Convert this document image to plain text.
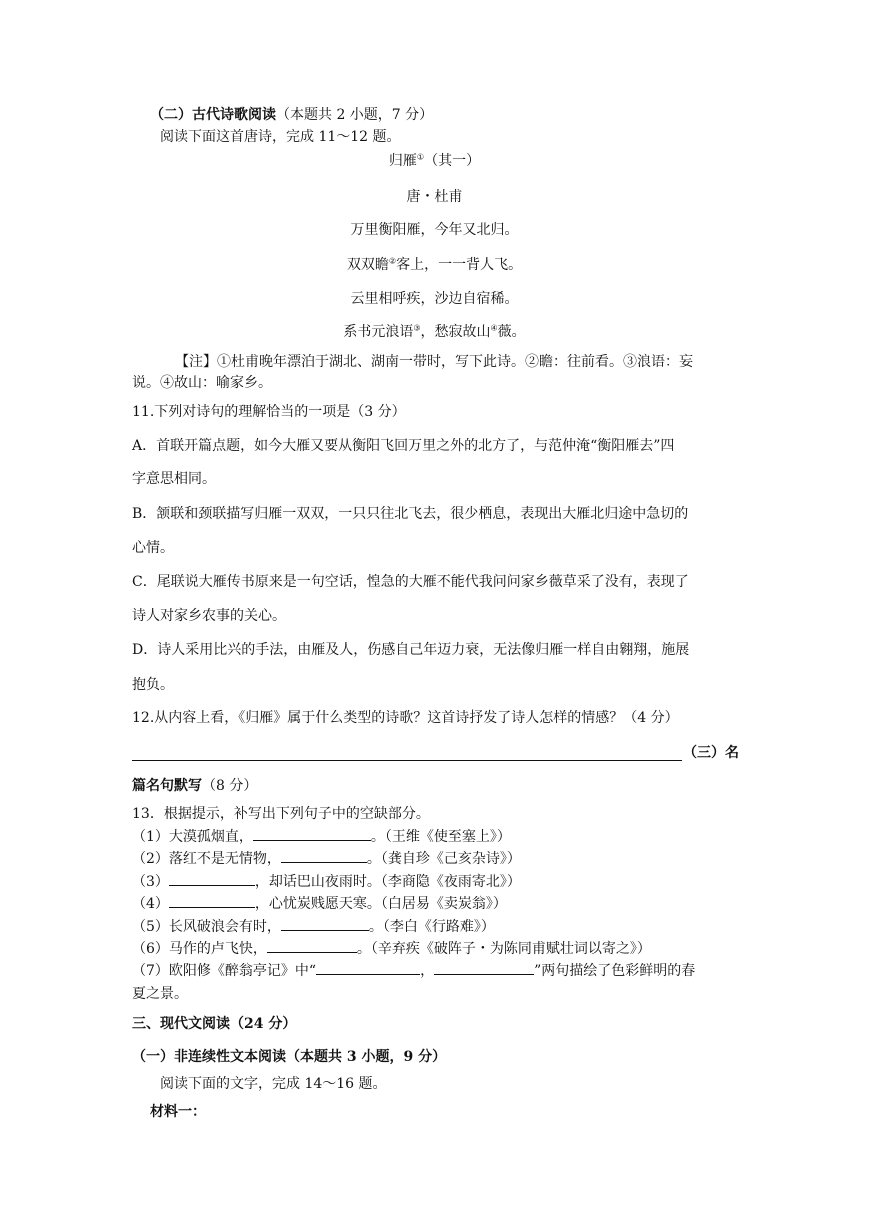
（二）古代诗歌阅读（本题共 2 小题，7 分）
阅读下面这首唐诗，完成 11～12 题。
归雁①（其一）
唐・杜甫
万里衡阳雁，今年又北归。
双双瞻②客上，一一背人飞。
云里相呼疾，沙边自宿稀。
系书元浪语③，愁寂故山④薇。
【注】①杜甫晚年漂泊于湖北、湖南一带时，写下此诗。②瞻：往前看。③浪语：妄
说。④故山：喻家乡。
11.下列对诗句的理解恰当的一项是（3 分）
A．首联开篇点题，如今大雁又要从衡阳飞回万里之外的北方了，与范仲淹“衡阳雁去”四
字意思相同。
B．颔联和颈联描写归雁一双双，一只只往北飞去，很少栖息，表现出大雁北归途中急切的
心情。
C．尾联说大雁传书原来是一句空话，惶急的大雁不能代我问问家乡薇草采了没有，表现了
诗人对家乡农事的关心。
D．诗人采用比兴的手法，由雁及人，伤感自己年迈力衰，无法像归雁一样自由翱翔，施展
抱负。
12.从内容上看，《归雁》属于什么类型的诗歌？这首诗抒发了诗人怎样的情感？（4 分）
（三）名
篇名句默写（8 分）
13．根据提示，补写出下列句子中的空缺部分。
（1）大漠孤烟直，	。（王维《使至塞上》）
（2）落红不是无情物，	。（龚自珍《己亥杂诗》）
（3）	，却话巴山夜雨时。（李商隐《夜雨寄北》）
（4）	，心忧炭贱愿天寒。（白居易《卖炭翁》）
（5）长风破浪会有时，	。（李白《行路难》）
（6）马作的卢飞快，	。（辛弃疾《破阵子・为陈同甫赋壮词以寄之》）
（7）欧阳修《醉翁亭记》中“	，	”两句描绘了色彩鲜明的春
夏之景。
三、现代文阅读（24 分）
（一）非连续性文本阅读（本题共 3 小题，9 分）
阅读下面的文字，完成 14～16 题。
材料一：
